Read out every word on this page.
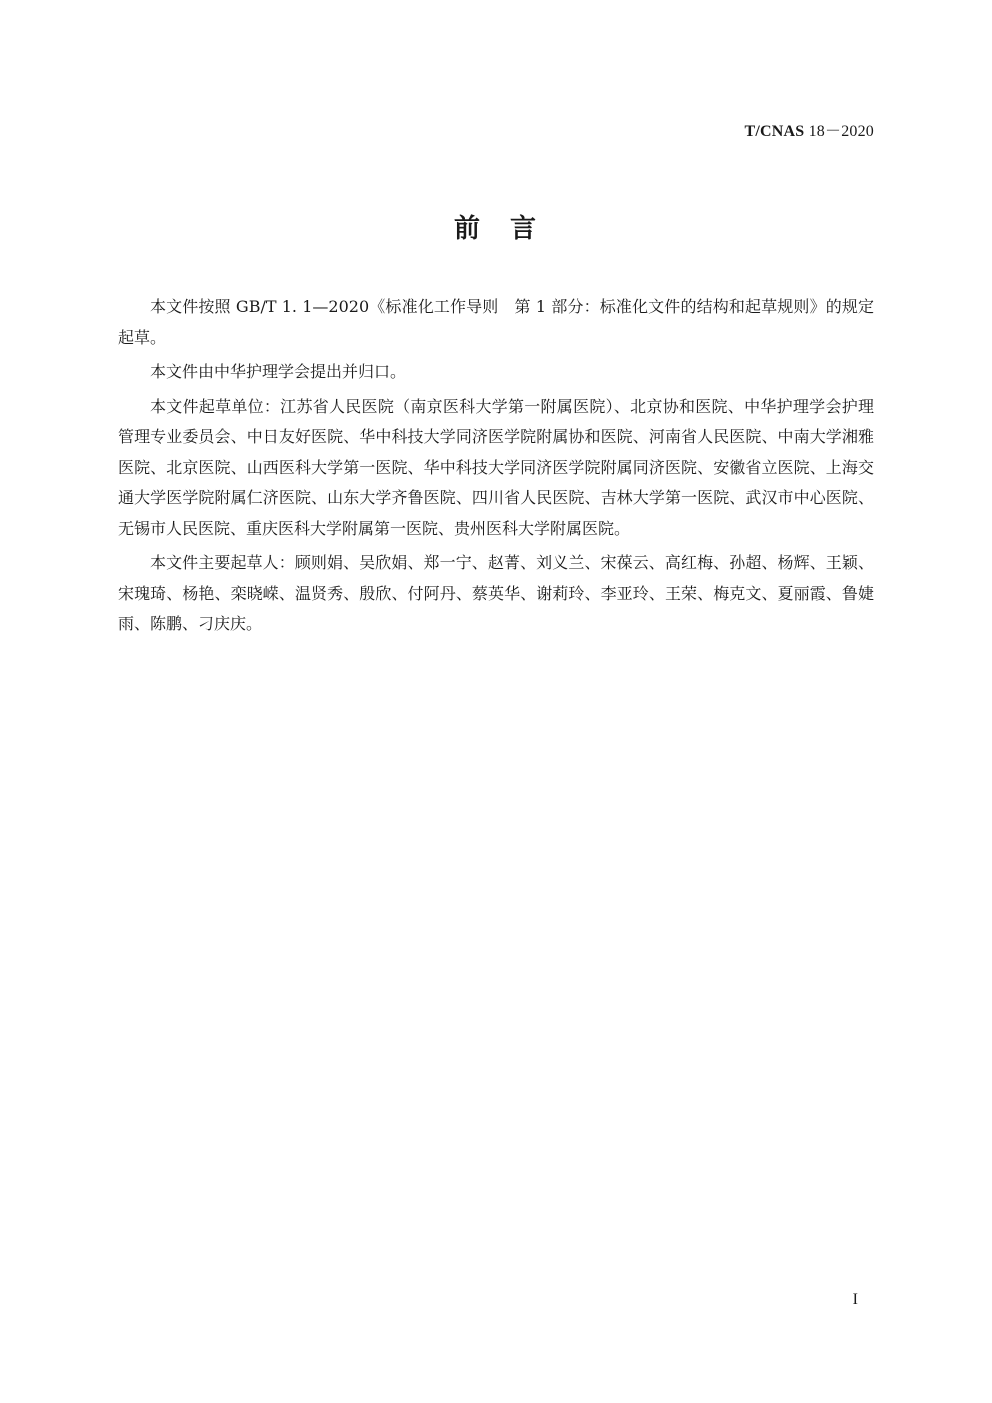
T/CNAS 18－2020
前　言

本文件按照 GB/T 1. 1—2020《标准化工作导则　第 1 部分：标准化文件的结构和起草规则》的规定起草。

本文件由中华护理学会提出并归口。

本文件起草单位：江苏省人民医院（南京医科大学第一附属医院）、北京协和医院、中华护理学会护理管理专业委员会、中日友好医院、华中科技大学同济医学院附属协和医院、河南省人民医院、中南大学湘雅医院、北京医院、山西医科大学第一医院、华中科技大学同济医学院附属同济医院、安徽省立医院、上海交通大学医学院附属仁济医院、山东大学齐鲁医院、四川省人民医院、吉林大学第一医院、武汉市中心医院、无锡市人民医院、重庆医科大学附属第一医院、贵州医科大学附属医院。

本文件主要起草人：顾则娟、吴欣娟、郑一宁、赵菁、刘义兰、宋葆云、高红梅、孙超、杨辉、王颖、宋瑰琦、杨艳、栾晓嵘、温贤秀、殷欣、付阿丹、蔡英华、谢莉玲、李亚玲、王荣、梅克文、夏丽霞、鲁婕雨、陈鹏、刁庆庆。

I
